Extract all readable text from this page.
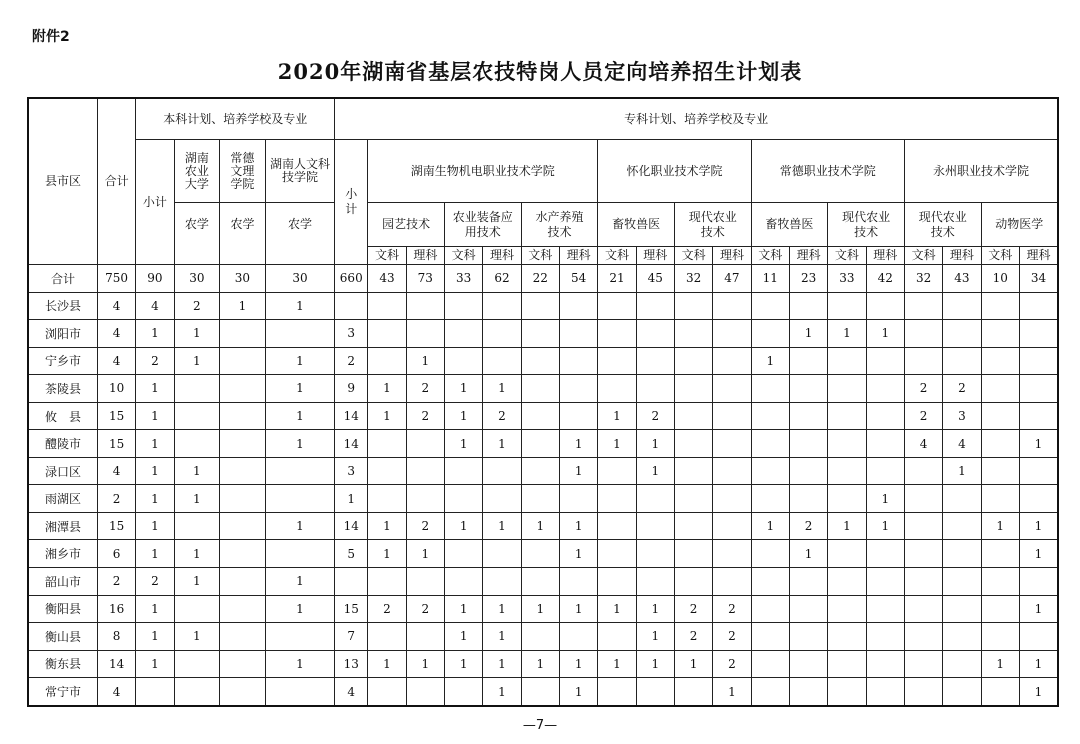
附件2
2020年湖南省基层农技特岗人员定向培养招生计划表
县市区	合计	本科计划、培养学校及专业				专科计划、培养学校及专业																		
		小计	湖南农业大学	常德文理学院	湖南人文科技学院	小计	湖南生物机电职业技术学院						怀化职业技术学院				常德职业技术学院				永州职业技术学院			
			农学	农学	农学		园艺技术		农业装备应用技术		水产养殖技术		畜牧兽医		现代农业技术		畜牧兽医		现代农业技术		现代农业技术		动物医学	
							文科	理科	文科	理科	文科	理科	文科	理科	文科	理科	文科	理科	文科	理科	文科	理科	文科	理科
合计	750	90	30	30	30	660	43	73	33	62	22	54	21	45	32	47	11	23	33	42	32	43	10	34
长沙县	4	4	2	1	1																			
浏阳市	4	1	1			3												1	1	1				
宁乡市	4	2	1		1	2		1									1							
茶陵县	10	1			1	9	1	2	1	1											2	2		
攸　县	15	1			1	14	1	2	1	2			1	2							2	3		
醴陵市	15	1			1	14			1	1		1	1	1							4	4		1
渌口区	4	1	1			3						1		1								1		
雨湖区	2	1	1			1														1				
湘潭县	15	1			1	14	1	2	1	1	1	1					1	2	1	1			1	1
湘乡市	6	1	1			5	1	1				1						1						1
韶山市	2	2	1		1																			
衡阳县	16	1			1	15	2	2	1	1	1	1	1	1	2	2								1
衡山县	8	1	1			7			1	1				1	2	2								
衡东县	14	1			1	13	1	1	1	1	1	1	1	1	1	2							1	1
常宁市	4					4				1		1				1								1
—7—
